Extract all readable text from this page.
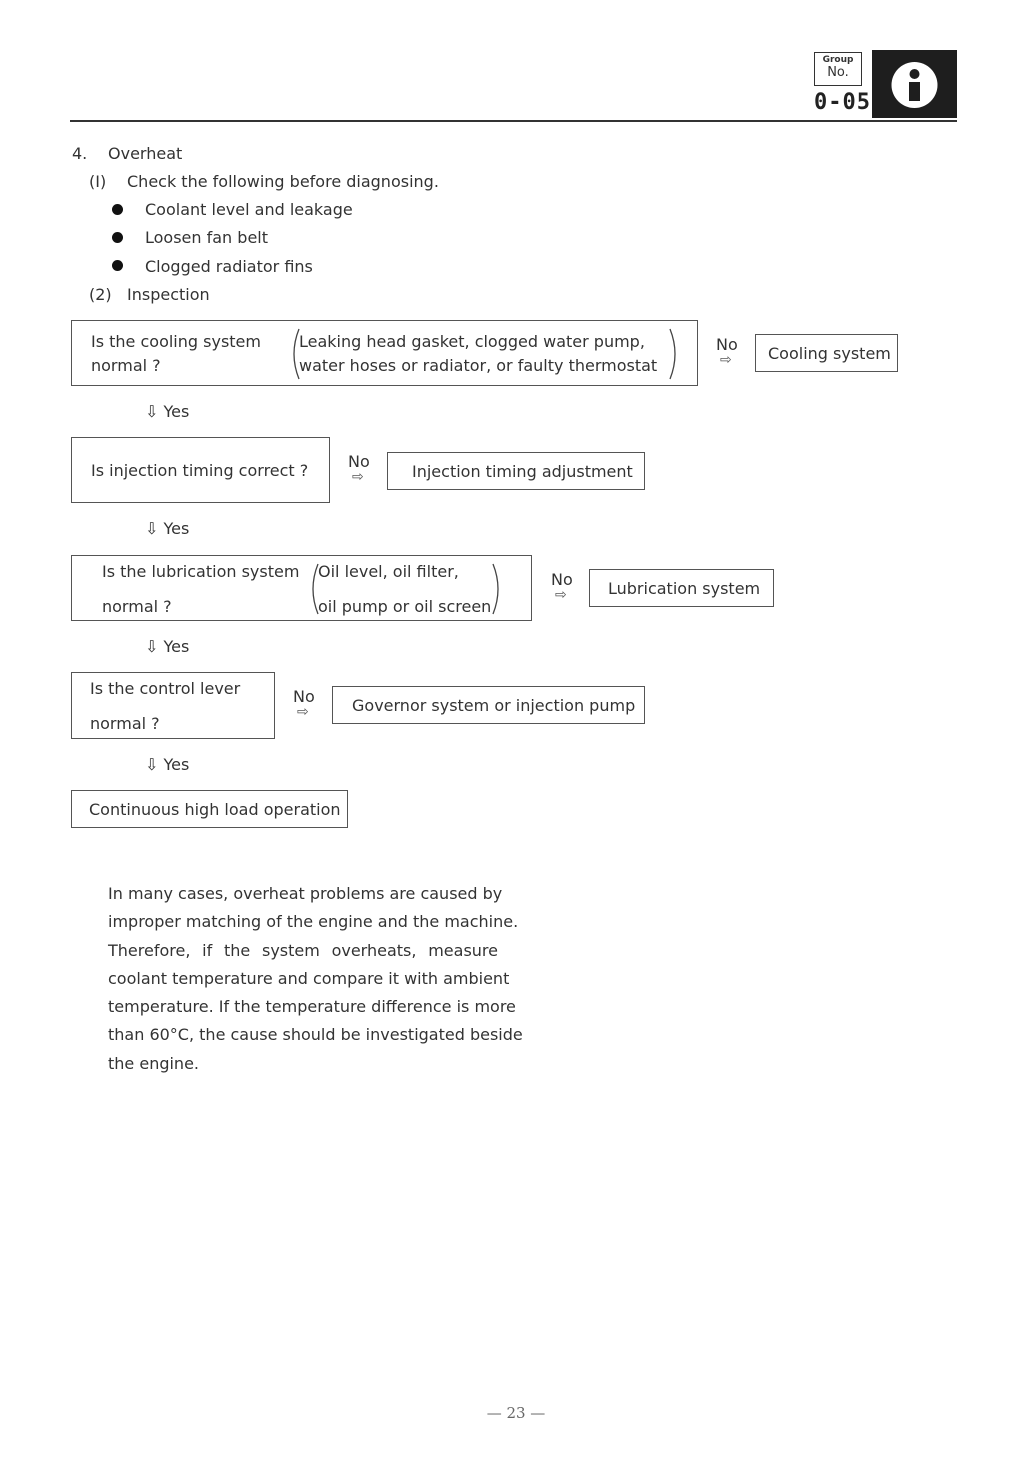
Group
No.
0-05
4. Overheat
(I) Check the following before diagnosing.
Coolant level and leakage
Loosen fan belt
Clogged radiator fins
(2) Inspection
Is the cooling system
normal ?
Leaking head gasket, clogged water pump,
water hoses or radiator, or faulty thermostat
No
⇨ Cooling system
⇩ Yes
Is injection timing correct ? No
⇨	Injection timing adjustment
⇩ Yes
Is the lubrication system
normal ?
Oil level, oil filter,
oil pump or oil screen
No
⇨	Lubrication system
⇩ Yes
Is the control lever
normal ?
No
⇨	Governor system or injection pump
⇩ Yes
Continuous high load operation
In many cases, overheat problems are caused by
improper matching of the engine and the machine.
Therefore, if the system overheats, measure
coolant temperature and compare it with ambient
temperature. If the temperature difference is more
than 60°C, the cause should be investigated beside
the engine.
— 23 —
